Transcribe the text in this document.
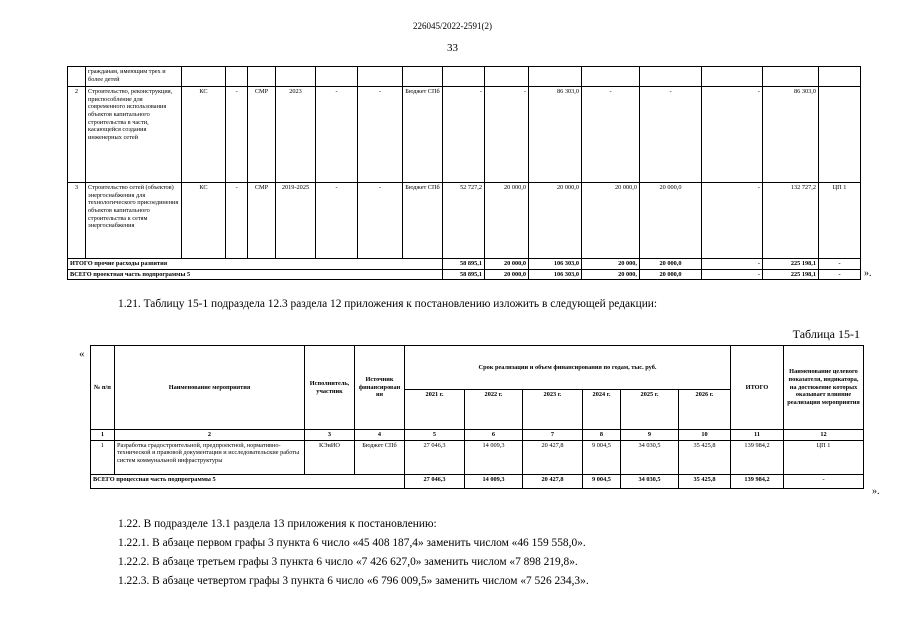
226045/2022-2591(2)
33
	гражданам, имеющим трех и более детей															
2	Строительство, реконструкция, приспособление для современного использования объектов капитального строительства в части, касающейся создания инженерных сетей	КС	-	СМР	2023	-	-	Бюджет СПб	-	-	86 303,0	-	-	-	86 303,0	
3	Строительство сетей (объектов) энергоснабжения для технологического присоединения объектов капитального строительства к сетям энергоснабжения	КС	-	СМР	2019-2025	-	-	Бюджет СПб	52 727,2	20 000,0	20 000,0	20 000,0	20 000,0	-	132 727,2	ЦП 1
ИТОГО прочие расходы развития									58 895,1	20 000,0	106 303,0	20 000,	20 000,0	-	225 198,1	-
ВСЕГО проектная часть подпрограммы 5									58 895,1	20 000,0	106 303,0	20 000,	20 000,0	-	225 198,1	- ».
1.21. Таблицу 15-1 подраздела 12.3 раздела 12 приложения к постановлению изложить в следующей редакции:
Таблица 15-1
«
№ п/п	Наименование мероприятия	Исполнитель, участник	Источник финансирования	Срок реализации и объем финансирования по годам, тыс. руб.						ИТОГО	Наименование целевого показателя, индикатора, на достижение которых оказывает влияние реализация мероприятия
				2021 г.	2022 г.	2023 г.	2024 г.	2025 г.	2026 г.		
1	2	3	4	5	6	7	8	9	10	11	12
1	Разработка градостроительной, предпроектной, нормативно-технической и правовой документации и исследовательские работы систем коммунальной инфраструктуры	КЭиИО	Бюджет СПб	27 046,3	14 009,3	20 427,8	9 004,5	34 030,5	35 425,8	139 984,2	ЦП 1
ВСЕГО процессная часть подпрограммы 5				27 046,3	14 009,3	20 427,8	9 004,5	34 030,5	35 425,8	139 984,2	-
».
1.22. В подразделе 13.1 раздела 13 приложения к постановлению:
1.22.1. В абзаце первом графы 3 пункта 6 число «45 408 187,4» заменить числом «46 159 558,0».
1.22.2. В абзаце третьем графы 3 пункта 6 число «7 426 627,0» заменить числом «7 898 219,8».
1.22.3. В абзаце четвертом графы 3 пункта 6 число «6 796 009,5» заменить числом «7 526 234,3».
